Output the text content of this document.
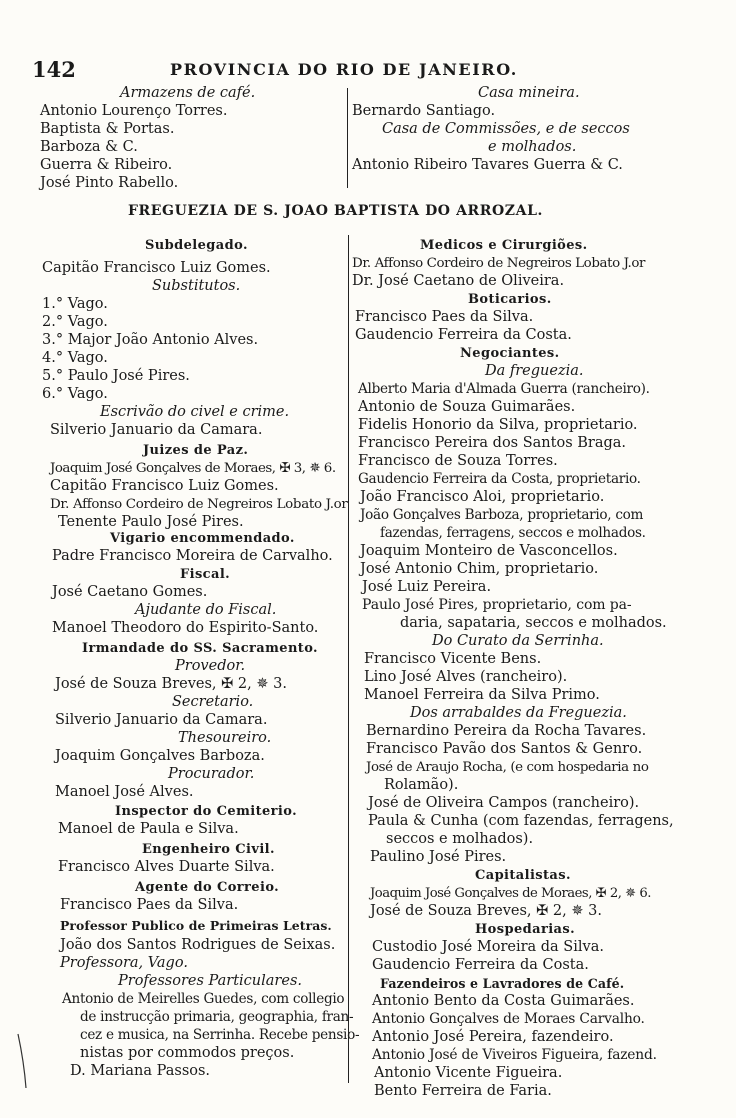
142	PROVINCIA DO RIO DE JANEIRO.
Armazens de café.
Antonio Lourenço Torres.
Baptista & Portas.
Barboza & C.
Guerra & Ribeiro.
José Pinto Rabello.
Casa mineira.
Bernardo Santiago.
Casa de Commissões, e de seccos
e molhados.
Antonio Ribeiro Tavares Guerra & C.
FREGUEZIA DE S. JOAO BAPTISTA DO ARROZAL.
Subdelegado.
Capitão Francisco Luiz Gomes.
Substitutos.
1.° Vago.
2.° Vago.
3.° Major João Antonio Alves.
4.° Vago.
5.° Paulo José Pires.
6.° Vago.
Escrivão do civel e crime.
Silverio Januario da Camara.
Juizes de Paz.
Joaquim José Gonçalves de Moraes, ✠ 3, ✵ 6.
Capitão Francisco Luiz Gomes.
Dr. Affonso Cordeiro de Negreiros Lobato J.or
Tenente Paulo José Pires.
Vigario encommendado.
Padre Francisco Moreira de Carvalho.
Fiscal.
José Caetano Gomes.
Ajudante do Fiscal.
Manoel Theodoro do Espirito-Santo.
Irmandade do SS. Sacramento.
Provedor.
José de Souza Breves, ✠ 2, ✵ 3.
Secretario.
Silverio Januario da Camara.
Thesoureiro.
Joaquim Gonçalves Barboza.
Procurador.
Manoel José Alves.
Inspector do Cemiterio.
Manoel de Paula e Silva.
Engenheiro Civil.
Francisco Alves Duarte Silva.
Agente do Correio.
Francisco Paes da Silva.
Professor Publico de Primeiras Letras.
João dos Santos Rodrigues de Seixas.
Professora, Vago.
Professores Particulares.
Antonio de Meirelles Guedes, com collegio
de instrucção primaria, geographia, fran-
cez e musica, na Serrinha. Recebe pensio-
nistas por commodos preços.
D. Mariana Passos.
Medicos e Cirurgiões.
Dr. Affonso Cordeiro de Negreiros Lobato J.or
Dr. José Caetano de Oliveira.
Boticarios.
Francisco Paes da Silva.
Gaudencio Ferreira da Costa.
Negociantes.
Da freguezia.
Alberto Maria d'Almada Guerra (rancheiro).
Antonio de Souza Guimarães.
Fidelis Honorio da Silva, proprietario.
Francisco Pereira dos Santos Braga.
Francisco de Souza Torres.
Gaudencio Ferreira da Costa, proprietario.
João Francisco Aloi, proprietario.
João Gonçalves Barboza, proprietario, com
fazendas, ferragens, seccos e molhados.
Joaquim Monteiro de Vasconcellos.
José Antonio Chim, proprietario.
José Luiz Pereira.
Paulo José Pires, proprietario, com pa-
daria, sapataria, seccos e molhados.
Do Curato da Serrinha.
Francisco Vicente Bens.
Lino José Alves (rancheiro).
Manoel Ferreira da Silva Primo.
Dos arrabaldes da Freguezia.
Bernardino Pereira da Rocha Tavares.
Francisco Pavão dos Santos & Genro.
José de Araujo Rocha, (e com hospedaria no
Rolamão).
José de Oliveira Campos (rancheiro).
Paula & Cunha (com fazendas, ferragens,
seccos e molhados).
Paulino José Pires.
Capitalistas.
Joaquim José Gonçalves de Moraes, ✠ 2, ✵ 6.
José de Souza Breves, ✠ 2, ✵ 3.
Hospedarias.
Custodio José Moreira da Silva.
Gaudencio Ferreira da Costa.
Fazendeiros e Lavradores de Café.
Antonio Bento da Costa Guimarães.
Antonio Gonçalves de Moraes Carvalho.
Antonio José Pereira, fazendeiro.
Antonio José de Viveiros Figueira, fazend.
Antonio Vicente Figueira.
Bento Ferreira de Faria.
